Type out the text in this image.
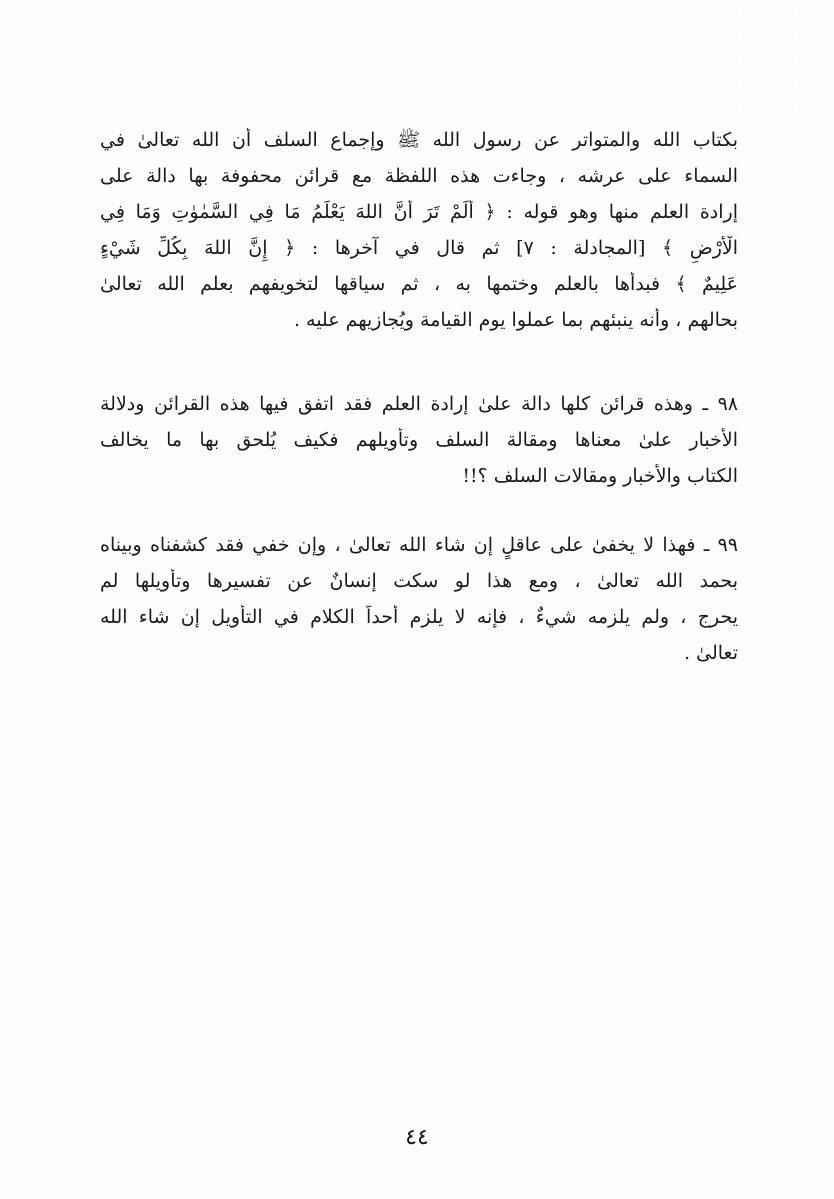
بكتاب الله والمتواتر عن رسول الله ﷺ وإجماع السلف أن الله تعالىٰ في
السماء على عرشه ، وجاءت هذه اللفظة مع قرائن محفوفة بها دالة على
إرادة العلم منها وهو قوله : ﴿ أَلَمْ تَرَ أَنَّ اللهَ يَعْلَمُ مَا فِي السَّمٰوٰتِ وَمَا فِي
الْأَرْضِ ﴾ [المجادلة : ٧] ثم قال في آخرها : ﴿ إِنَّ اللهَ بِكُلِّ شَيْءٍ
عَلِيمٌ ﴾ فبدأها بالعلم وختمها به ، ثم سياقها لتخويفهم بعلم الله تعالىٰ
بحالهم ، وأنه ينبئهم بما عملوا يوم القيامة ويُجازيهم عليه .
٩٨ ـ وهذه قرائن كلها دالة علىٰ إرادة العلم فقد اتفق فيها هذه القرائن ودلالة
الأخبار علىٰ معناها ومقالة السلف وتأويلهم فكيف يُلحق بها ما يخالف
الكتاب والأخبار ومقالات السلف ؟!!
٩٩ ـ فهذا لا يخفىٰ على عاقلٍ إن شاء الله تعالىٰ ، وإن خفي فقد كشفناه وبيناه
بحمد الله تعالىٰ ، ومع هذا لو سكت إنسانٌ عن تفسيرها وتأويلها لم
يحرج ، ولم يلزمه شيءٌ ، فإنه لا يلزم أحداً الكلام في التأويل إن شاء الله
تعالىٰ .
٤٤
